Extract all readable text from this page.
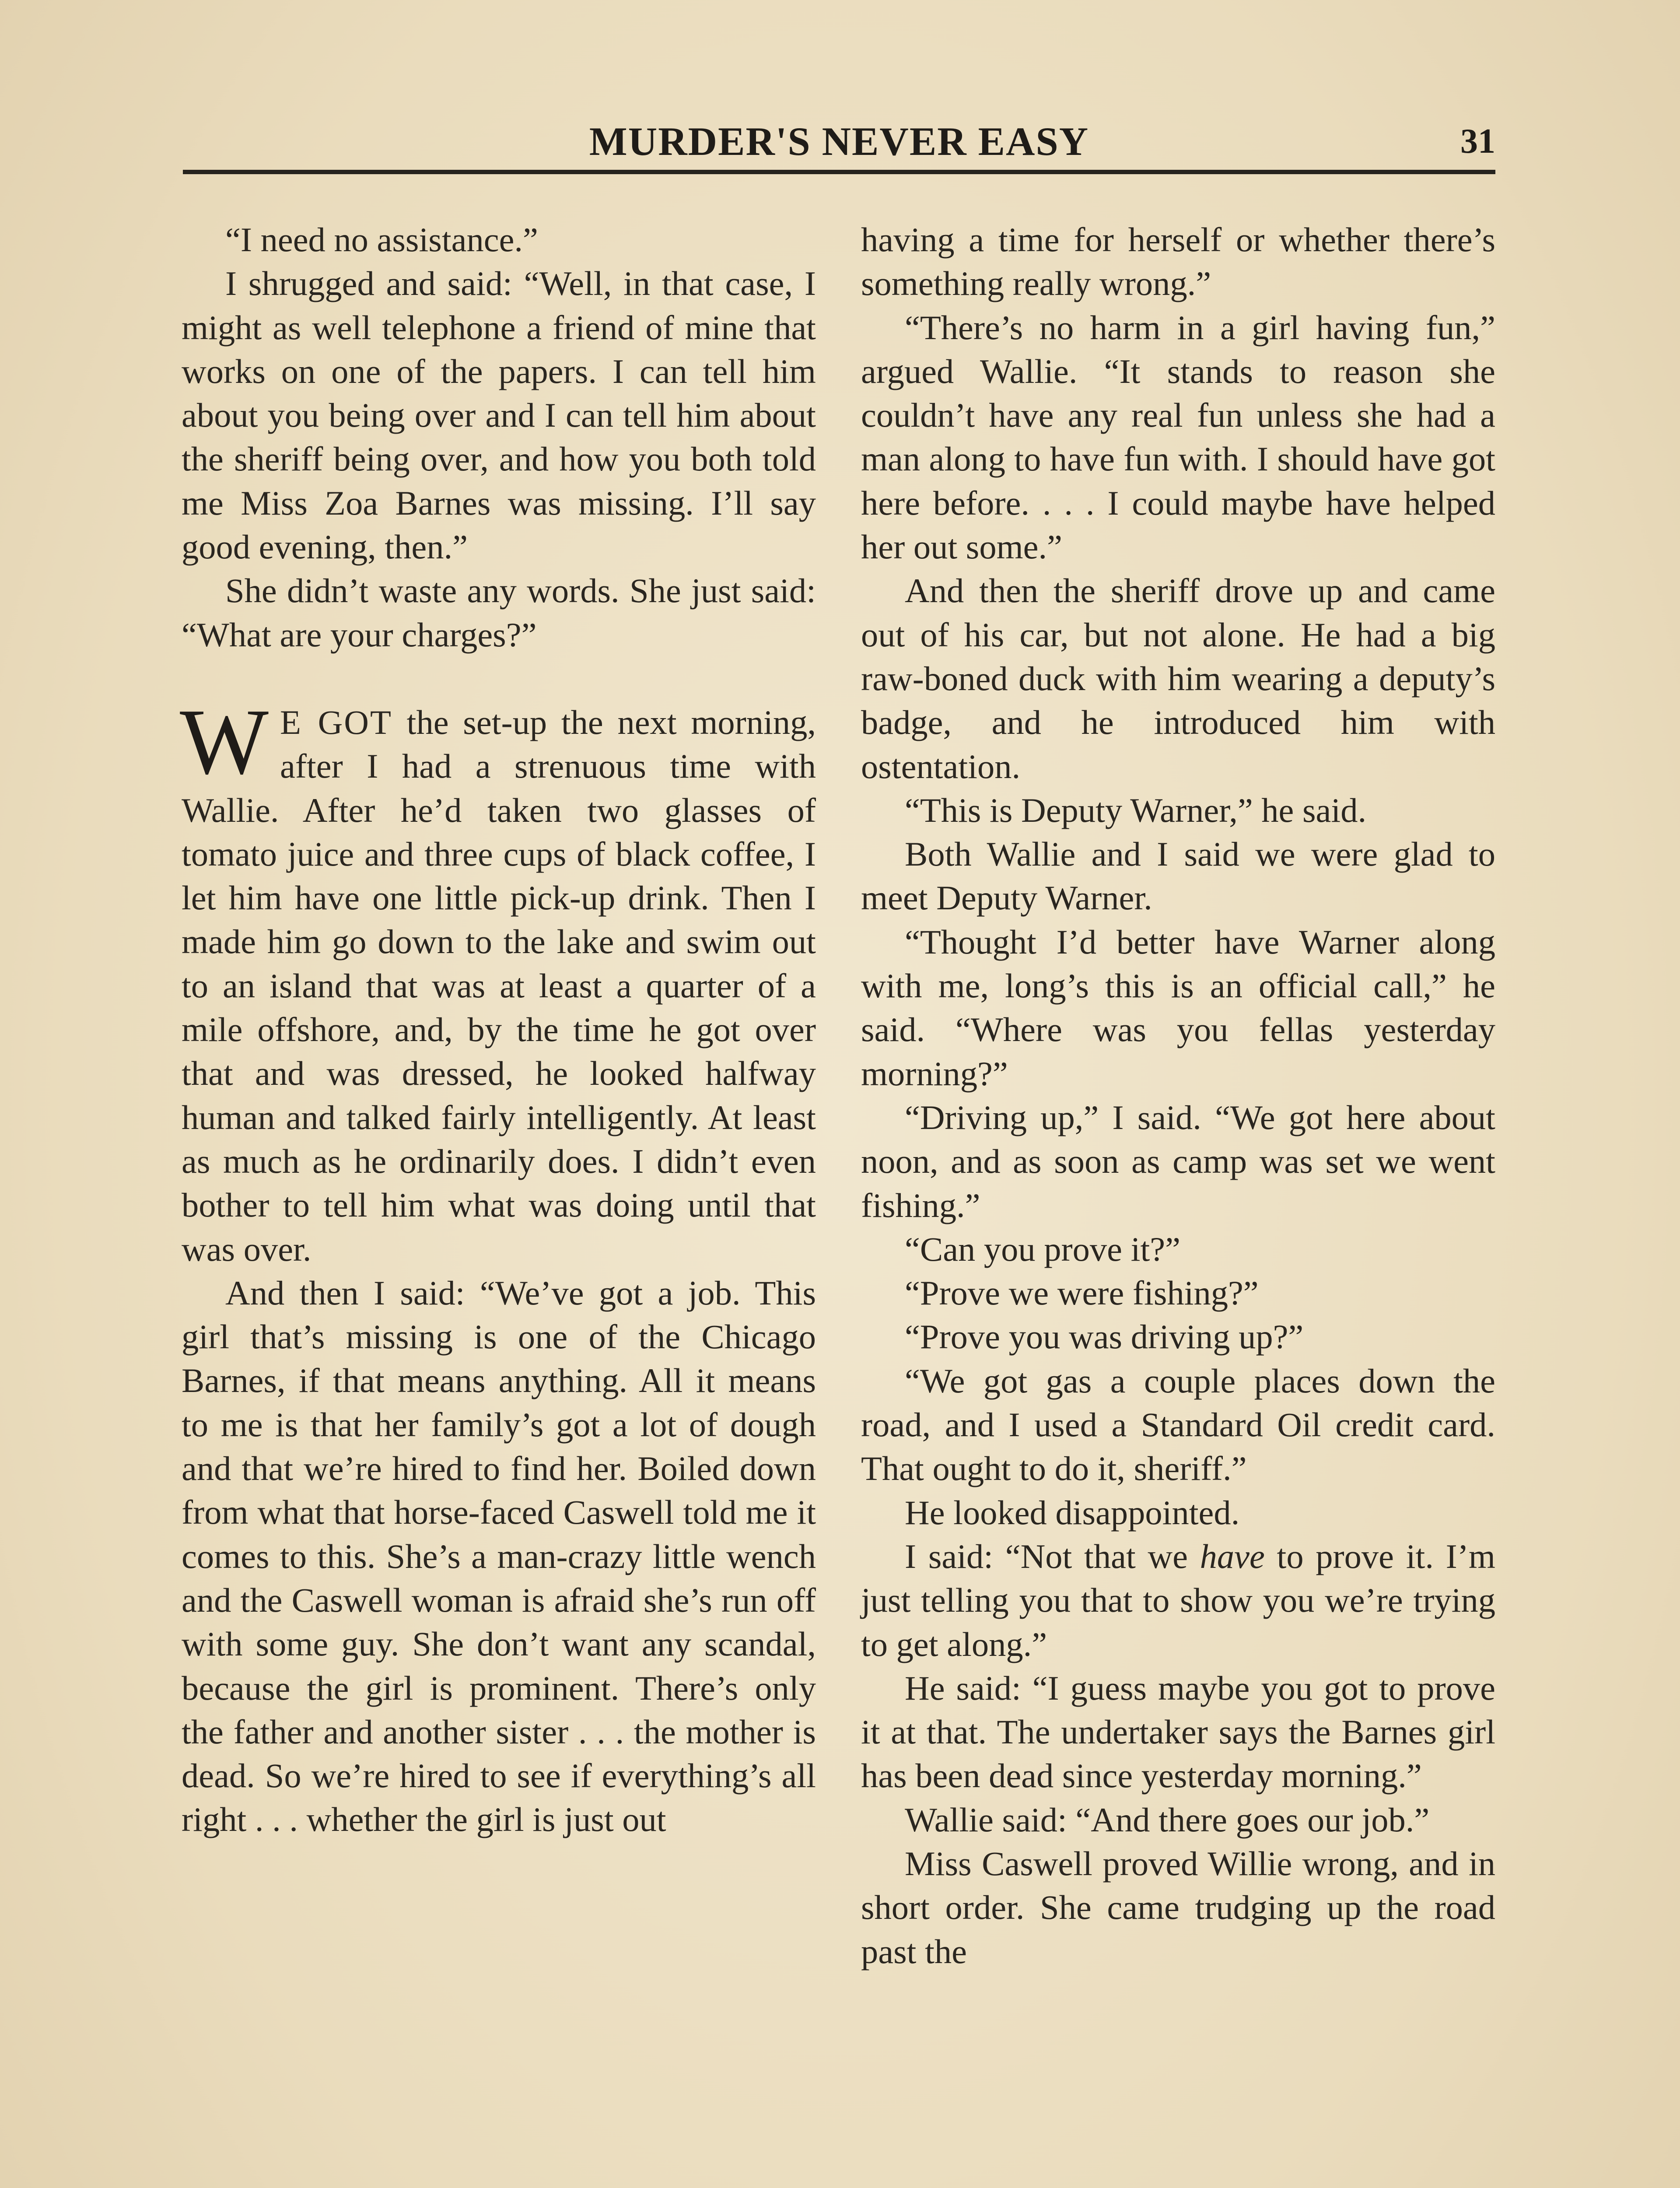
MURDER'S NEVER EASY	31

“I need no assistance.”

I shrugged and said: “Well, in that case, I might as well telephone a friend of mine that works on one of the papers. I can tell him about you being over and I can tell him about the sheriff being over, and how you both told me Miss Zoa Barnes was missing. I’ll say good evening, then.”

She didn’t waste any words. She just said: “What are your charges?”

W E GOT the set-up the next morning, after I had a strenuous time with Wallie. After he’d taken two glasses of tomato juice and three cups of black coffee, I let him have one little pick-up drink. Then I made him go down to the lake and swim out to an island that was at least a quarter of a mile offshore, and, by the time he got over that and was dressed, he looked halfway human and talked fairly intelligently. At least as much as he ordinarily does. I didn’t even bother to tell him what was doing until that was over.

And then I said: “We’ve got a job. This girl that’s missing is one of the Chicago Barnes, if that means anything. All it means to me is that her family’s got a lot of dough and that we’re hired to find her. Boiled down from what that horse-faced Caswell told me it comes to this. She’s a man-crazy little wench and the Caswell woman is afraid she’s run off with some guy. She don’t want any scandal, because the girl is prominent. There’s only the father and another sister . . . the mother is dead. So we’re hired to see if everything’s all right . . . whether the girl is just out

having a time for herself or whether there’s something really wrong.”

“There’s no harm in a girl having fun,” argued Wallie. “It stands to reason she couldn’t have any real fun unless she had a man along to have fun with. I should have got here before. . . . I could maybe have helped her out some.”

And then the sheriff drove up and came out of his car, but not alone. He had a big raw-boned duck with him wearing a deputy’s badge, and he introduced him with ostentation.

“This is Deputy Warner,” he said.

Both Wallie and I said we were glad to meet Deputy Warner.

“Thought I’d better have Warner along with me, long’s this is an official call,” he said. “Where was you fellas yesterday morning?”

“Driving up,” I said. “We got here about noon, and as soon as camp was set we went fishing.”

“Can you prove it?”

“Prove we were fishing?”

“Prove you was driving up?”

“We got gas a couple places down the road, and I used a Standard Oil credit card. That ought to do it, sheriff.”

He looked disappointed.

I said: “Not that we have to prove it. I’m just telling you that to show you we’re trying to get along.”

He said: “I guess maybe you got to prove it at that. The undertaker says the Barnes girl has been dead since yesterday morning.”

Wallie said: “And there goes our job.”

Miss Caswell proved Willie wrong, and in short order. She came trudging up the road past the
